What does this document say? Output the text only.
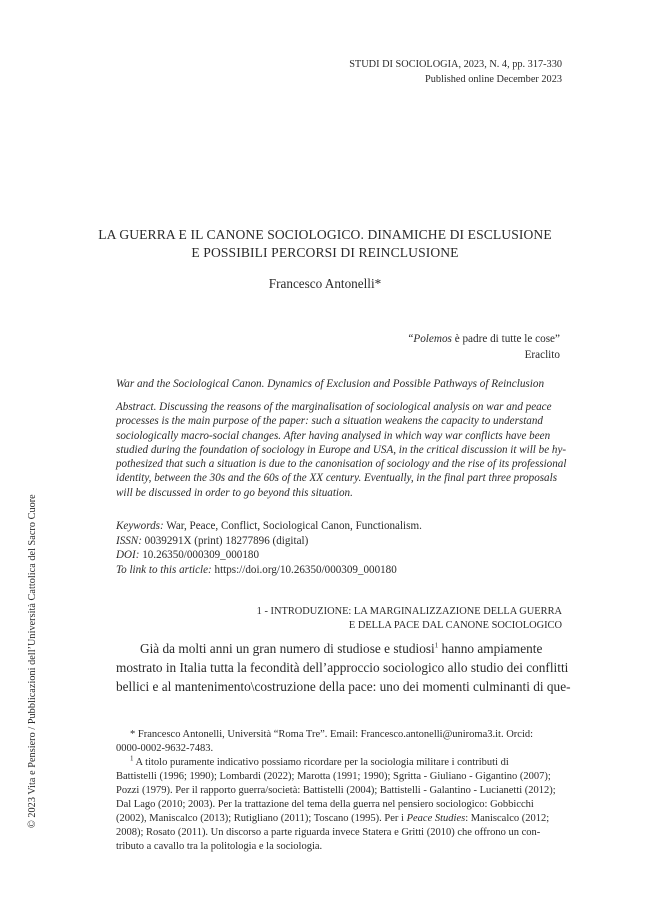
STUDI DI SOCIOLOGIA, 2023, N. 4, pp. 317-330
Published online December 2023
LA GUERRA E IL CANONE SOCIOLOGICO. DINAMICHE DI ESCLUSIONE
E POSSIBILI PERCORSI DI REINCLUSIONE
Francesco Antonelli*
“Polemos è padre di tutte le cose”
Eraclito
War and the Sociological Canon. Dynamics of Exclusion and Possible Pathways of Reinclusion
Abstract. Discussing the reasons of the marginalisation of sociological analysis on war and peace
processes is the main purpose of the paper: such a situation weakens the capacity to understand
sociologically macro-social changes. After having analysed in which way war conflicts have been
studied during the foundation of sociology in Europe and USA, in the critical discussion it will be hy-
pothesized that such a situation is due to the canonisation of sociology and the rise of its professional
identity, between the 30s and the 60s of the XX century. Eventually, in the final part three proposals
will be discussed in order to go beyond this situation.
Keywords: War, Peace, Conflict, Sociological Canon, Functionalism.
ISSN: 0039291X (print) 18277896 (digital)
DOI: 10.26350/000309_000180
To link to this article: https://doi.org/10.26350/000309_000180
1 - INTRODUZIONE: LA MARGINALIZZAZIONE DELLA GUERRA
E DELLA PACE DAL CANONE SOCIOLOGICO
Già da molti anni un gran numero di studiose e studiosi$^1$ hanno ampiamente
mostrato in Italia tutta la fecondità dell’approccio sociologico allo studio dei conflitti
bellici e al mantenimento\costruzione della pace: uno dei momenti culminanti di que-
* Francesco Antonelli, Università “Roma Tre”. Email: Francesco.antonelli@uniroma3.it. Orcid:
0000-0002-9632-7483.
$^1$ A titolo puramente indicativo possiamo ricordare per la sociologia militare i contributi di
Battistelli (1996; 1990); Lombardi (2022); Marotta (1991; 1990); Sgritta - Giuliano - Gigantino (2007);
Pozzi (1979). Per il rapporto guerra/società: Battistelli (2004); Battistelli - Galantino - Lucianetti (2012);
Dal Lago (2010; 2003). Per la trattazione del tema della guerra nel pensiero sociologico: Gobbicchi
(2002), Maniscalco (2013); Rutigliano (2011); Toscano (1995). Per i Peace Studies: Maniscalco (2012;
2008); Rosato (2011). Un discorso a parte riguarda invece Statera e Gritti (2010) che offrono un con-
tributo a cavallo tra la politologia e la sociologia.
© 2023 Vita e Pensiero / Pubblicazioni dell’Università Cattolica del Sacro Cuore
